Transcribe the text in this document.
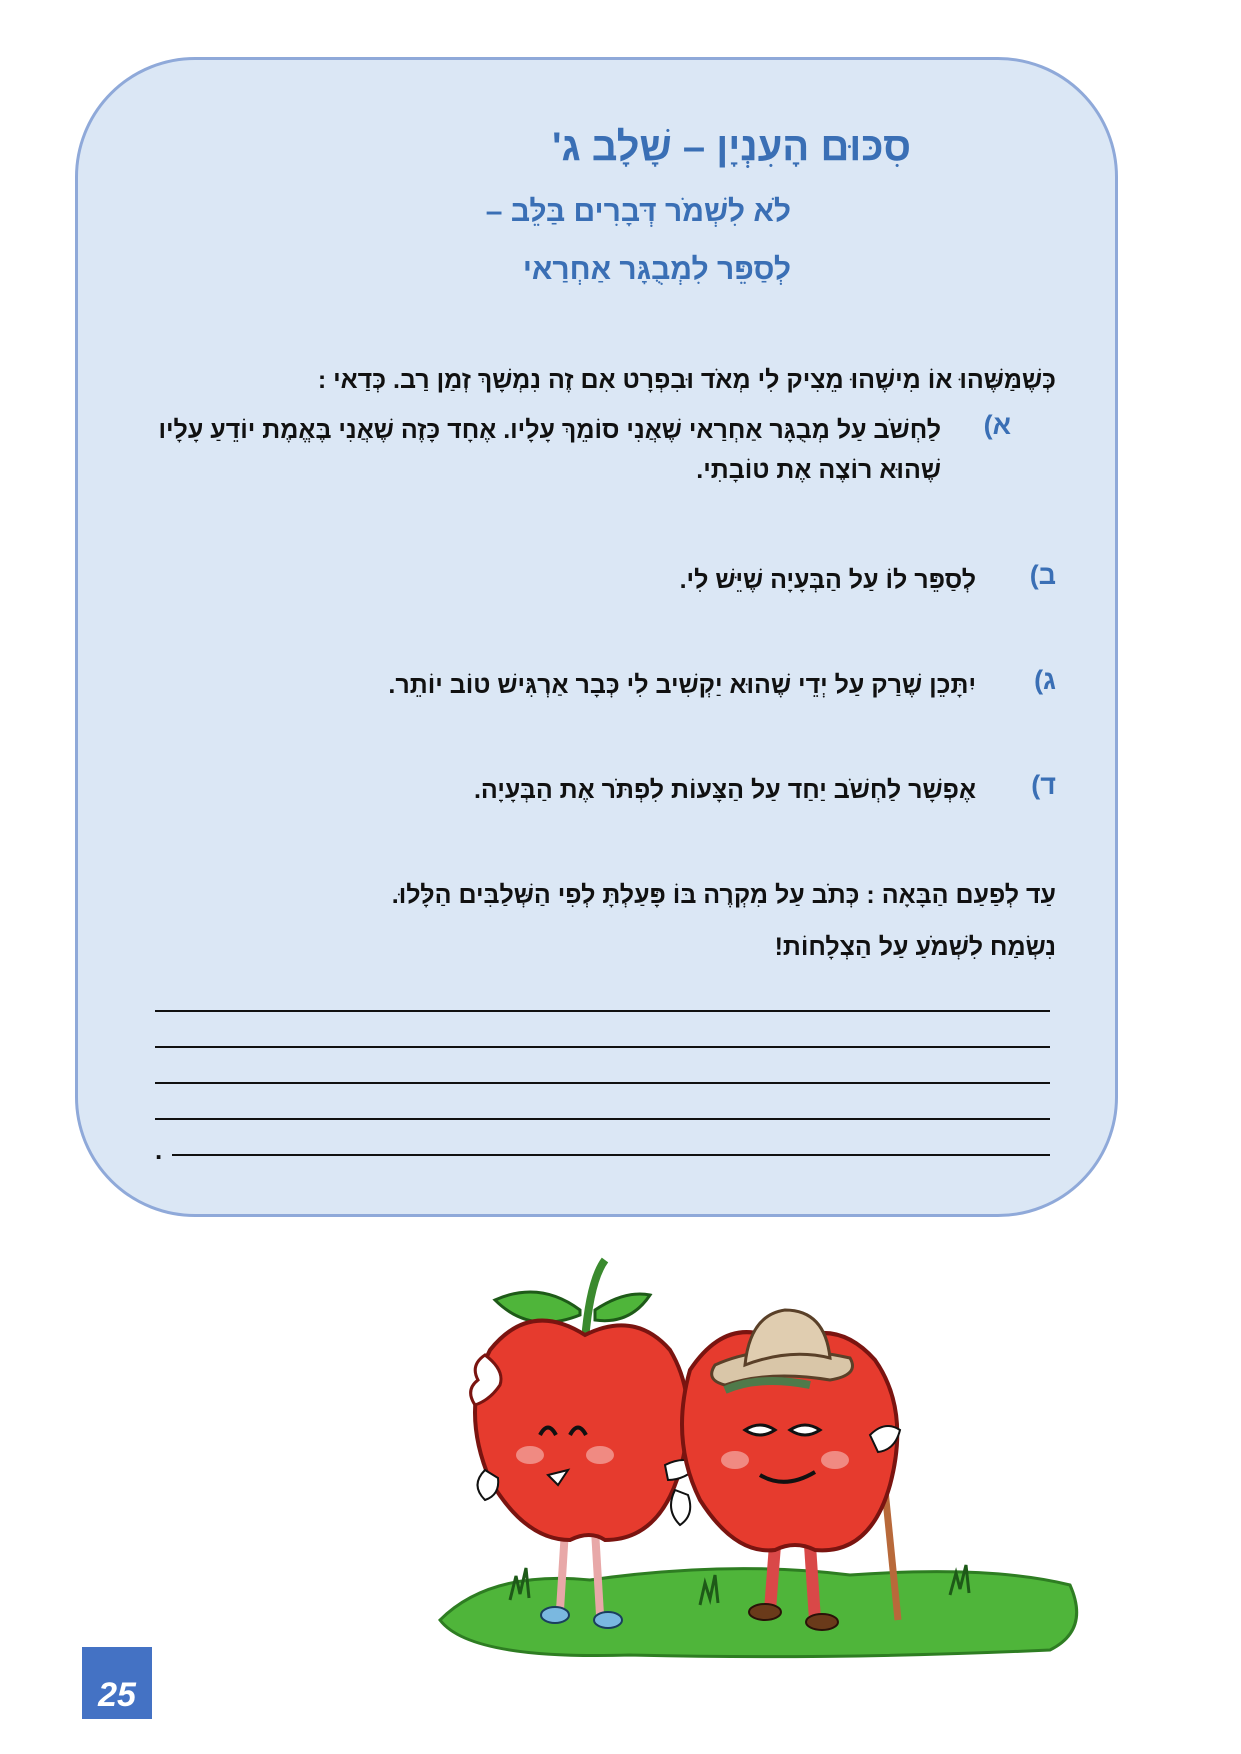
סִכּוּם הָעִנְיָן – שָׁלָב ג'
לֹא לִשְׁמֹר דְּבָרִים בַּלֵּב –
לְסַפֵּר לִמְבֻגָּר אַחְרַאי
כְּשֶׁמַּשֶּׁהוּ אוֹ מִישֶׁהוּ מֵצִיק לִי מְאֹד וּבִפְרָט אִם זֶה נִמְשָׁךְ זְמַן רַב. כְּדַאי :
א)
לַחְשֹׁב עַל מְבֻגָּר אַחְרַאי שֶׁאֲנִי סוֹמֵךְ עָלָיו. אֶחָד כָּזֶה שֶׁאֲנִי בֶּאֱמֶת יוֹדֵעַ עָלָיו שֶׁהוּא רוֹצֶה אֶת טוֹבָתִי.
ב)
לְסַפֵּר לוֹ עַל הַבְּעָיָה שֶׁיֵּשׁ לִי.
ג)
יִתָּכֵן שֶׁרַק עַל יְדֵי שֶׁהוּא יַקְשִׁיב לִי כְּבָר אַרְגִּישׁ טוֹב יוֹתֵר.
ד)
אֶפְשָׁר לַחְשֹׁב יַחַד עַל הַצָּעוֹת לִפְתֹּר אֶת הַבְּעָיָה.
עַד לְפַעַם הַבָּאָה : כְּתֹב עַל מִקְרֶה בּוֹ פָּעַלְתָּ לְפִי הַשְּׁלַבִּים הַלָּלוּ.
נִשְׂמַח לִשְׁמֹעַ עַל הַצְלָחוֹת!
.
25
